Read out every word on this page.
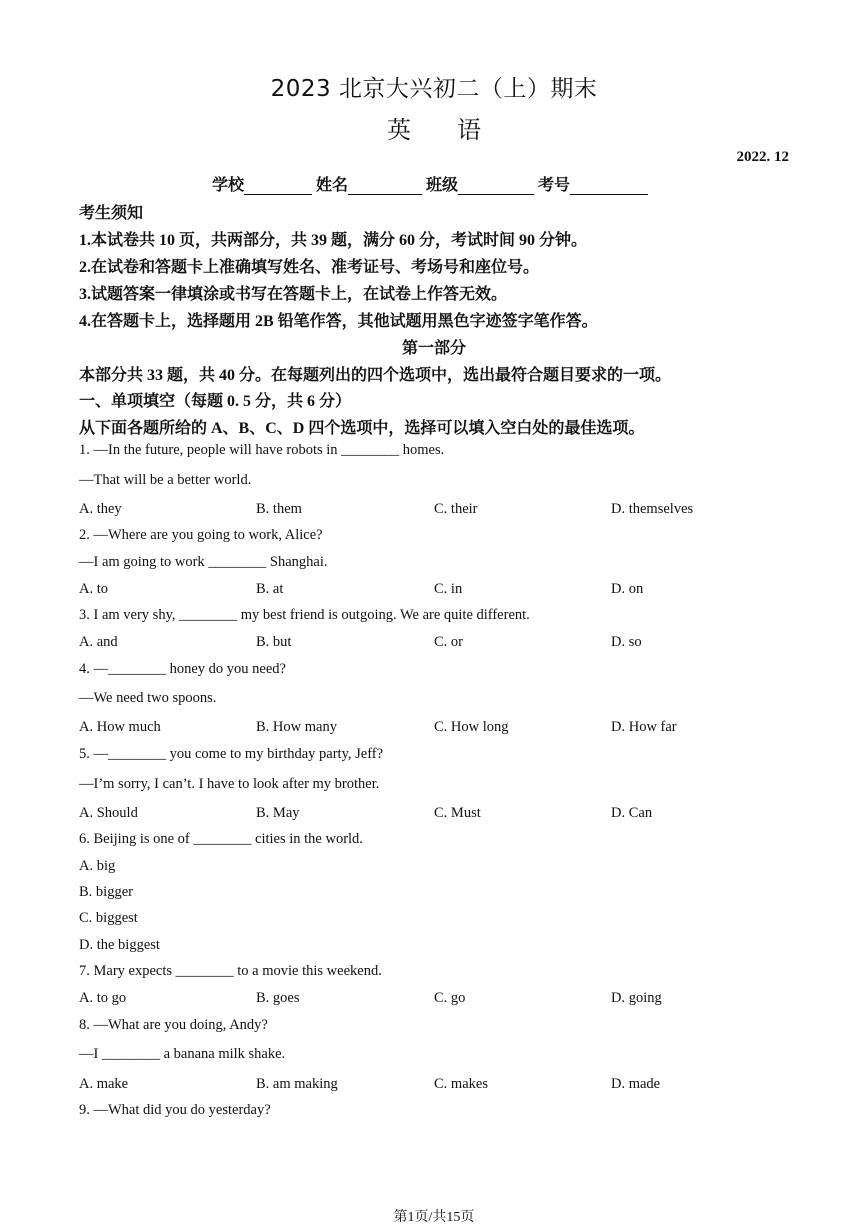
2023 北京大兴初二（上）期末
英语
2022. 12
学校	姓名	班级	考号
考生须知
1.本试卷共 10 页，共两部分，共 39 题，满分 60 分，考试时间 90 分钟。
2.在试卷和答题卡上准确填写姓名、准考证号、考场号和座位号。
3.试题答案一律填涂或书写在答题卡上，在试卷上作答无效。
4.在答题卡上，选择题用 2B 铅笔作答，其他试题用黑色字迹签字笔作答。
第一部分
本部分共 33 题，共 40 分。在每题列出的四个选项中，选出最符合题目要求的一项。
一、单项填空（每题 0. 5 分，共 6 分）
从下面各题所给的 A、B、C、D 四个选项中，选择可以填入空白处的最佳选项。
1. —In the future, people will have robots in ________ homes.
—That will be a better world.
A. they	B. them	C. their	D. themselves
2. —Where are you going to work, Alice?
—I am going to work ________ Shanghai.
A. to	B. at	C. in	D. on
3. I am very shy, ________ my best friend is outgoing. We are quite different.
A. and	B. but	C. or	D. so
4. —________ honey do you need?
—We need two spoons.
A. How much	B. How many	C. How long	D. How far
5. —________ you come to my birthday party, Jeff?
—I’m sorry, I can’t. I have to look after my brother.
A. Should	B. May	C. Must	D. Can
6. Beijing is one of ________ cities in the world.
A. big
B. bigger
C. biggest
D. the biggest
7. Mary expects ________ to a movie this weekend.
A. to go	B. goes	C. go	D. going
8. —What are you doing, Andy?
—I ________ a banana milk shake.
A. make	B. am making	C. makes	D. made
9. —What did you do yesterday?
第1页/共15页
